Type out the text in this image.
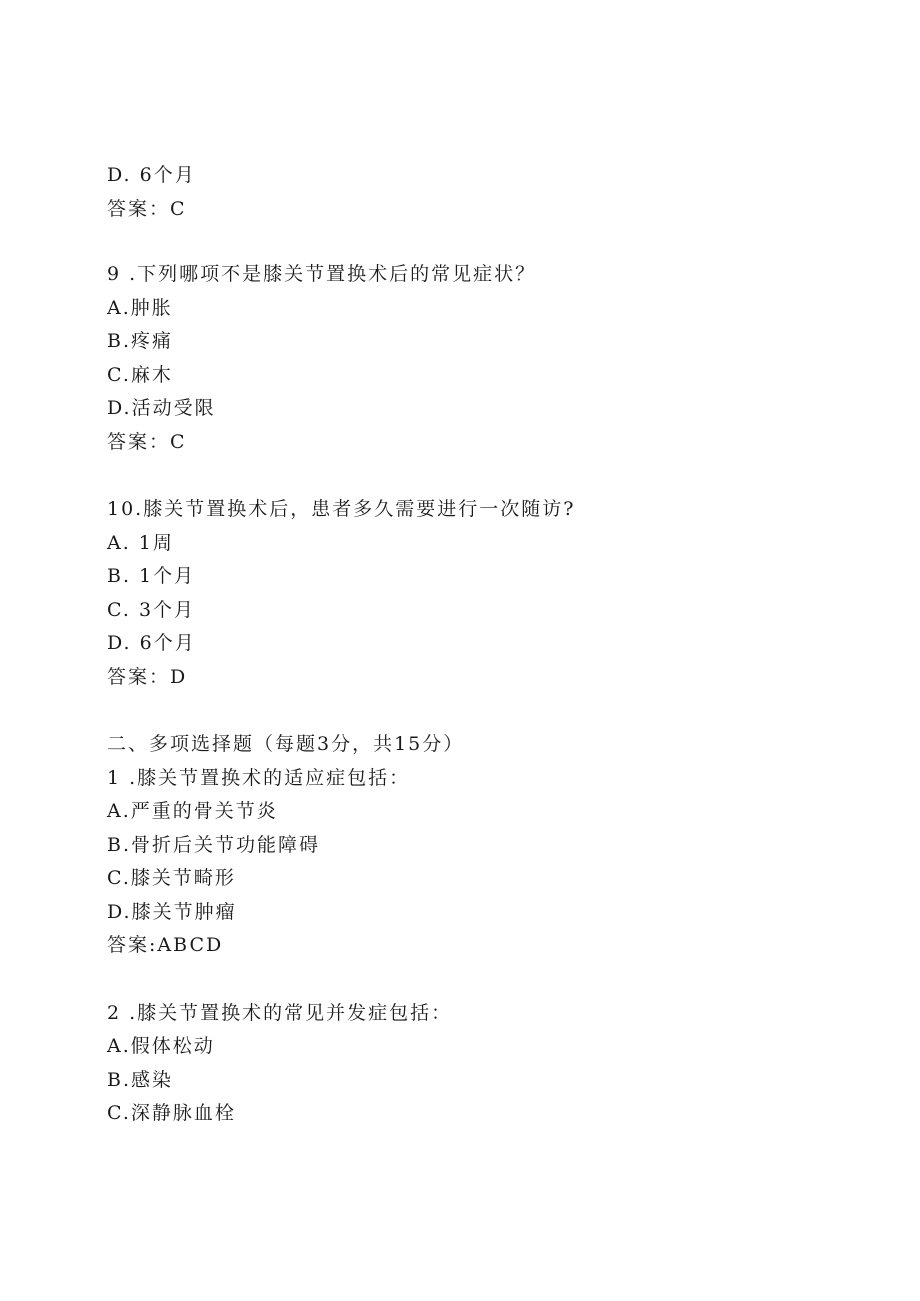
D. 6个月
答案：C
9 .下列哪项不是膝关节置换术后的常见症状？
A.肿胀
B.疼痛
C.麻木
D.活动受限
答案：C
10.膝关节置换术后，患者多久需要进行一次随访?
A. 1周
B. 1个月
C. 3个月
D. 6个月
答案：D
二、多项选择题（每题3分，共15分）
1 .膝关节置换术的适应症包括：
A.严重的骨关节炎
B.骨折后关节功能障碍
C.膝关节畸形
D.膝关节肿瘤
答案:ABCD
2 .膝关节置换术的常见并发症包括：
A.假体松动
B.感染
C.深静脉血栓
